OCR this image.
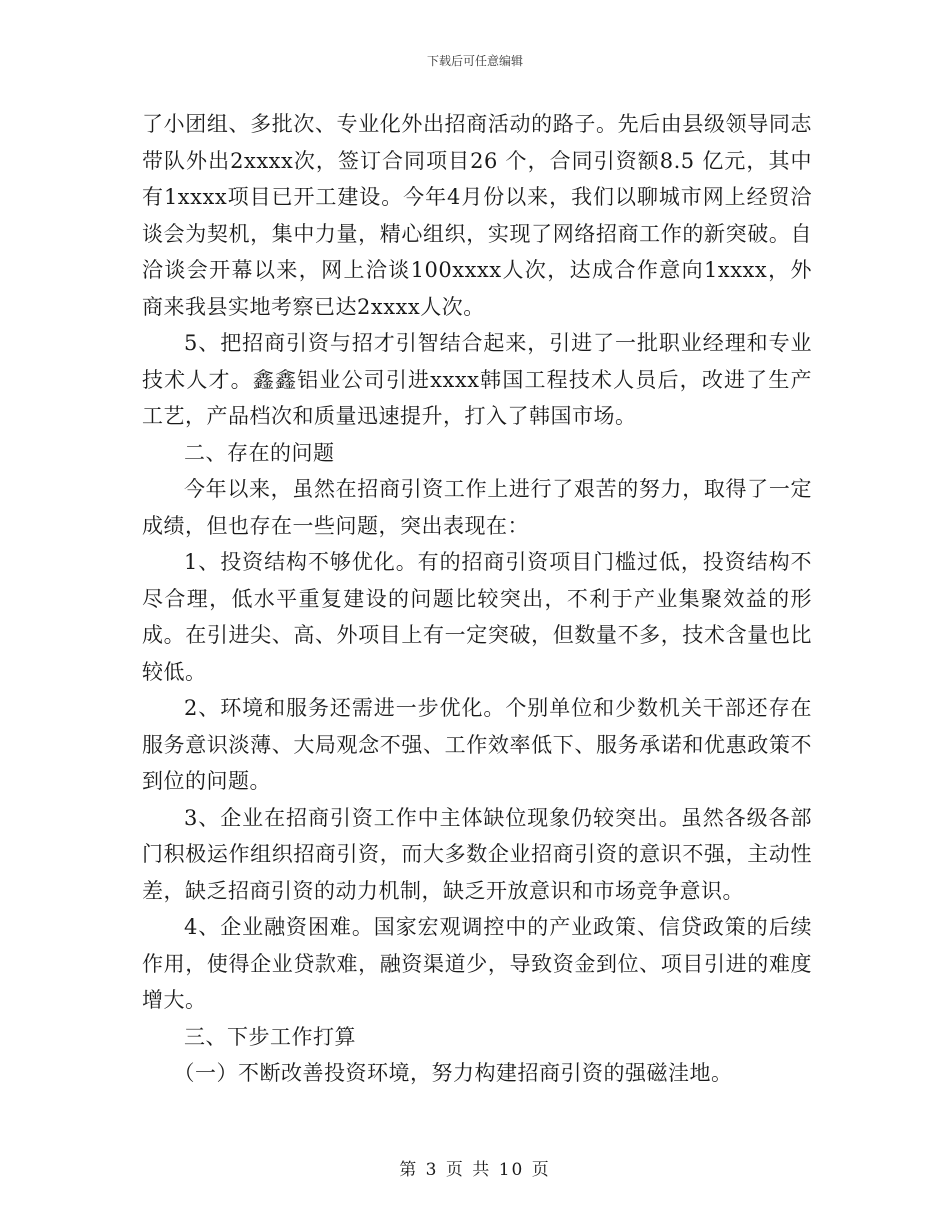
下载后可任意编辑

了小团组、多批次、专业化外出招商活动的路子。先后由县级领导同志带队外出2xxxx次，签订合同项目26 个，合同引资额8.5 亿元，其中有1xxxx项目已开工建设。今年4月份以来，我们以聊城市网上经贸洽谈会为契机，集中力量，精心组织，实现了网络招商工作的新突破。自洽谈会开幕以来，网上洽谈100xxxx人次，达成合作意向1xxxx，外商来我县实地考察已达2xxxx人次。

5、把招商引资与招才引智结合起来，引进了一批职业经理和专业技术人才。鑫鑫铝业公司引进xxxx韩国工程技术人员后，改进了生产工艺，产品档次和质量迅速提升，打入了韩国市场。

二、存在的问题

今年以来，虽然在招商引资工作上进行了艰苦的努力，取得了一定成绩，但也存在一些问题，突出表现在：

1、投资结构不够优化。有的招商引资项目门槛过低，投资结构不尽合理，低水平重复建设的问题比较突出，不利于产业集聚效益的形成。在引进尖、高、外项目上有一定突破，但数量不多，技术含量也比较低。

2、环境和服务还需进一步优化。个别单位和少数机关干部还存在服务意识淡薄、大局观念不强、工作效率低下、服务承诺和优惠政策不到位的问题。

3、企业在招商引资工作中主体缺位现象仍较突出。虽然各级各部门积极运作组织招商引资，而大多数企业招商引资的意识不强，主动性差，缺乏招商引资的动力机制，缺乏开放意识和市场竞争意识。

4、企业融资困难。国家宏观调控中的产业政策、信贷政策的后续作用，使得企业贷款难，融资渠道少，导致资金到位、项目引进的难度增大。

三、下步工作打算

（一）不断改善投资环境，努力构建招商引资的强磁洼地。

第 3 页 共 10 页
